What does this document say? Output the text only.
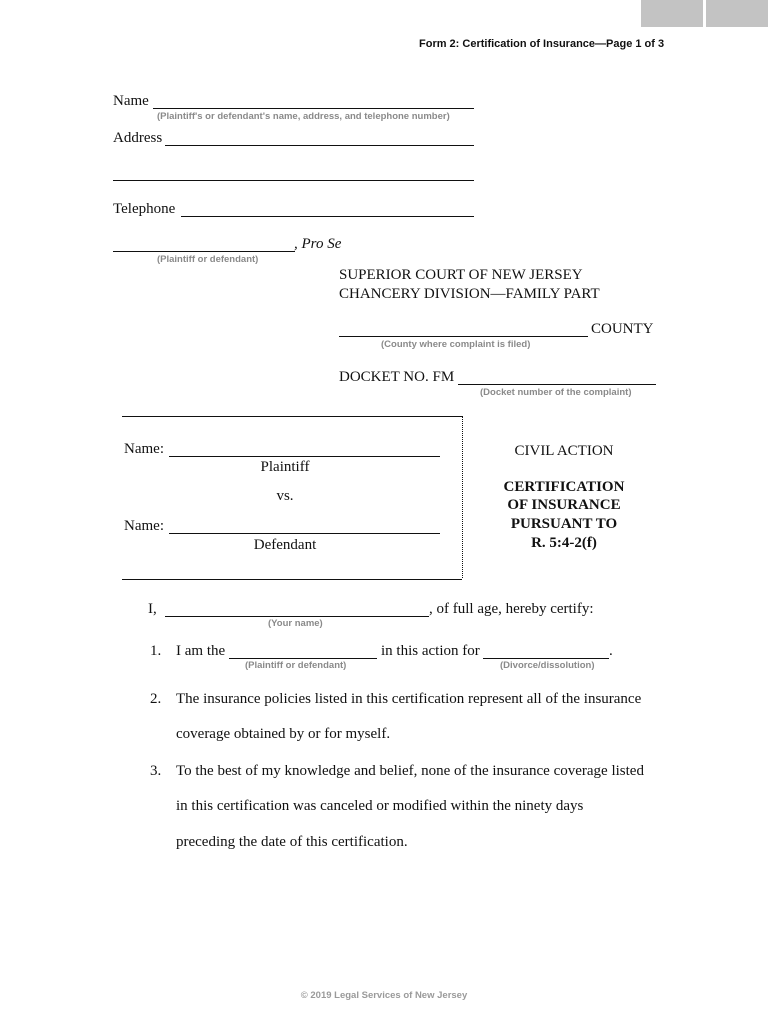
Form 2: Certification of Insurance—Page 1 of 3
Name
(Plaintiff's or defendant's name, address, and telephone number)
Address
Telephone
, Pro Se
(Plaintiff or defendant)
SUPERIOR COURT OF NEW JERSEY
CHANCERY DIVISION—FAMILY PART
COUNTY
(County where complaint is filed)
DOCKET NO. FM
(Docket number of the complaint)
Name:
Plaintiff
vs.
Name:
Defendant
CIVIL ACTION
CERTIFICATION
OF INSURANCE
PURSUANT TO
R. 5:4-2(f)
I,	, of full age, hereby certify:
(Your name)
1. I am the	in this action for	.
(Plaintiff or defendant)	(Divorce/dissolution)
2. The insurance policies listed in this certification represent all of the insurance
coverage obtained by or for myself.
3. To the best of my knowledge and belief, none of the insurance coverage listed
in this certification was canceled or modified within the ninety days
preceding the date of this certification.
© 2019 Legal Services of New Jersey
